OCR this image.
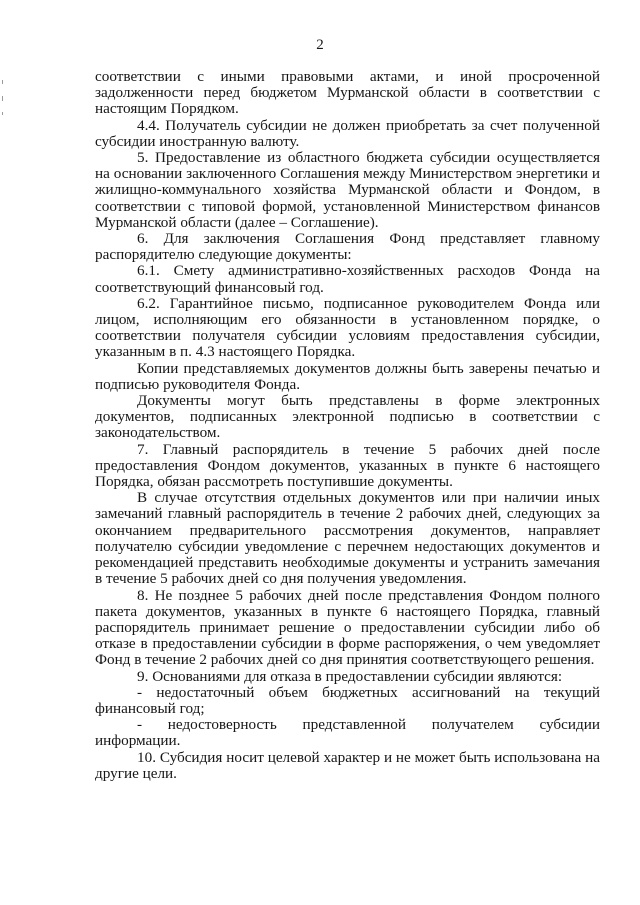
2

соответствии с иными правовыми актами, и иной просроченной задолженности перед бюджетом Мурманской области в соответствии с настоящим Порядком.

4.4. Получатель субсидии не должен приобретать за счет полученной субсидии иностранную валюту.

5. Предоставление из областного бюджета субсидии осуществляется на основании заключенного Соглашения между Министерством энергетики и жилищно-коммунального хозяйства Мурманской области и Фондом, в соответствии с типовой формой, установленной Министерством финансов Мурманской области (далее – Соглашение).

6. Для заключения Соглашения Фонд представляет главному распорядителю следующие документы:

6.1. Смету административно-хозяйственных расходов Фонда на соответствующий финансовый год.

6.2. Гарантийное письмо, подписанное руководителем Фонда или лицом, исполняющим его обязанности в установленном порядке, о соответствии получателя субсидии условиям предоставления субсидии, указанным в п. 4.3 настоящего Порядка.

Копии представляемых документов должны быть заверены печатью и подписью руководителя Фонда.

Документы могут быть представлены в форме электронных документов, подписанных электронной подписью в соответствии с законодательством.

7. Главный распорядитель в течение 5 рабочих дней после предоставления Фондом документов, указанных в пункте 6 настоящего Порядка, обязан рассмотреть поступившие документы.

В случае отсутствия отдельных документов или при наличии иных замечаний главный распорядитель в течение 2 рабочих дней, следующих за окончанием предварительного рассмотрения документов, направляет получателю субсидии уведомление с перечнем недостающих документов и рекомендацией представить необходимые документы и устранить замечания в течение 5 рабочих дней со дня получения уведомления.

8. Не позднее 5 рабочих дней после представления Фондом полного пакета документов, указанных в пункте 6 настоящего Порядка, главный распорядитель принимает решение о предоставлении субсидии либо об отказе в предоставлении субсидии в форме распоряжения, о чем уведомляет Фонд в течение 2 рабочих дней со дня принятия соответствующего решения.

9. Основаниями для отказа в предоставлении субсидии являются:

- недостаточный объем бюджетных ассигнований на текущий финансовый год;

- недостоверность представленной получателем субсидии информации.

10. Субсидия носит целевой характер и не может быть использована на другие цели.
